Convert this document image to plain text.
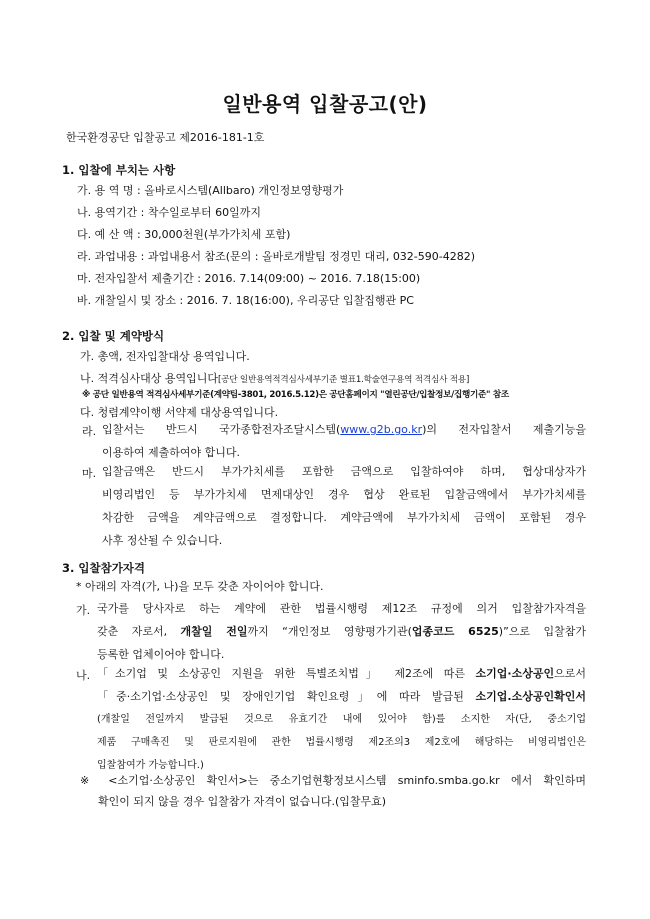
일반용역 입찰공고(안)
한국환경공단 입찰공고 제2016-181-1호
1. 입찰에 부치는 사항
가. 용 역 명 : 올바로시스템(Allbaro) 개인정보영향평가
나. 용역기간 : 착수일로부터 60일까지
다. 예 산 액 : 30,000천원(부가가치세 포함)
라. 과업내용 : 과업내용서 참조(문의 : 올바로개발팀 정경민 대리, 032-590-4282)
마. 전자입찰서 제출기간 : 2016. 7.14(09:00) ~ 2016. 7.18(15:00)
바. 개찰일시 및 장소 : 2016. 7. 18(16:00), 우리공단 입찰집행관 PC
2. 입찰 및 계약방식
가. 총액, 전자입찰대상 용역입니다.
나. 적격심사대상 용역입니다[공단 일반용역적격심사세부기준 별표1.학술연구용역 적격심사 적용]
※ 공단 일반용역 적격심사세부기준(계약팀-3801, 2016.5.12)은 공단홈페이지 "열린공단/입찰정보/집행기준" 참조
다. 청렴계약이행 서약제 대상용역입니다.
라. 입찰서는 반드시 국가종합전자조달시스템(www.g2b.go.kr)의 전자입찰서 제출기능을
이용하여 제출하여야 합니다.
마. 입찰금액은 반드시 부가가치세를 포함한 금액으로 입찰하여야 하며, 협상대상자가
비영리법인 등 부가가치세 면제대상인 경우 협상 완료된 입찰금액에서 부가가치세를
차감한 금액을 계약금액으로 결정합니다. 계약금액에 부가가치세 금액이 포함된 경우
사후 정산될 수 있습니다.
3. 입찰참가자격
* 아래의 자격(가, 나)을 모두 갖춘 자이어야 합니다.
가. 국가를 당사자로 하는 계약에 관한 법률시행령 제12조 규정에 의거 입찰참가자격을
갖춘 자로서, 개찰일 전일까지 “개인정보 영향평가기관(업종코드 6525)”으로 입찰참가
등록한 업체이어야 합니다.
나. 「소기업 및 소상공인 지원을 위한 특별조치법」 제2조에 따른 소기업·소상공인으로서
「중·소기업·소상공인 및 장애인기업 확인요령」에 따라 발급된 소기업.소상공인확인서
(개찰일 전일까지 발급된 것으로 유효기간 내에 있어야 함)를 소지한 자(단, 중소기업
제품 구매촉진 및 판로지원에 관한 법률시행령 제2조의3 제2호에 해당하는 비영리법인은
입찰참여가 가능합니다.)
※ <소기업·소상공인 확인서>는 중소기업현황정보시스템 sminfo.smba.go.kr 에서 확인하며
확인이 되지 않을 경우 입찰참가 자격이 없습니다.(입찰무효)
